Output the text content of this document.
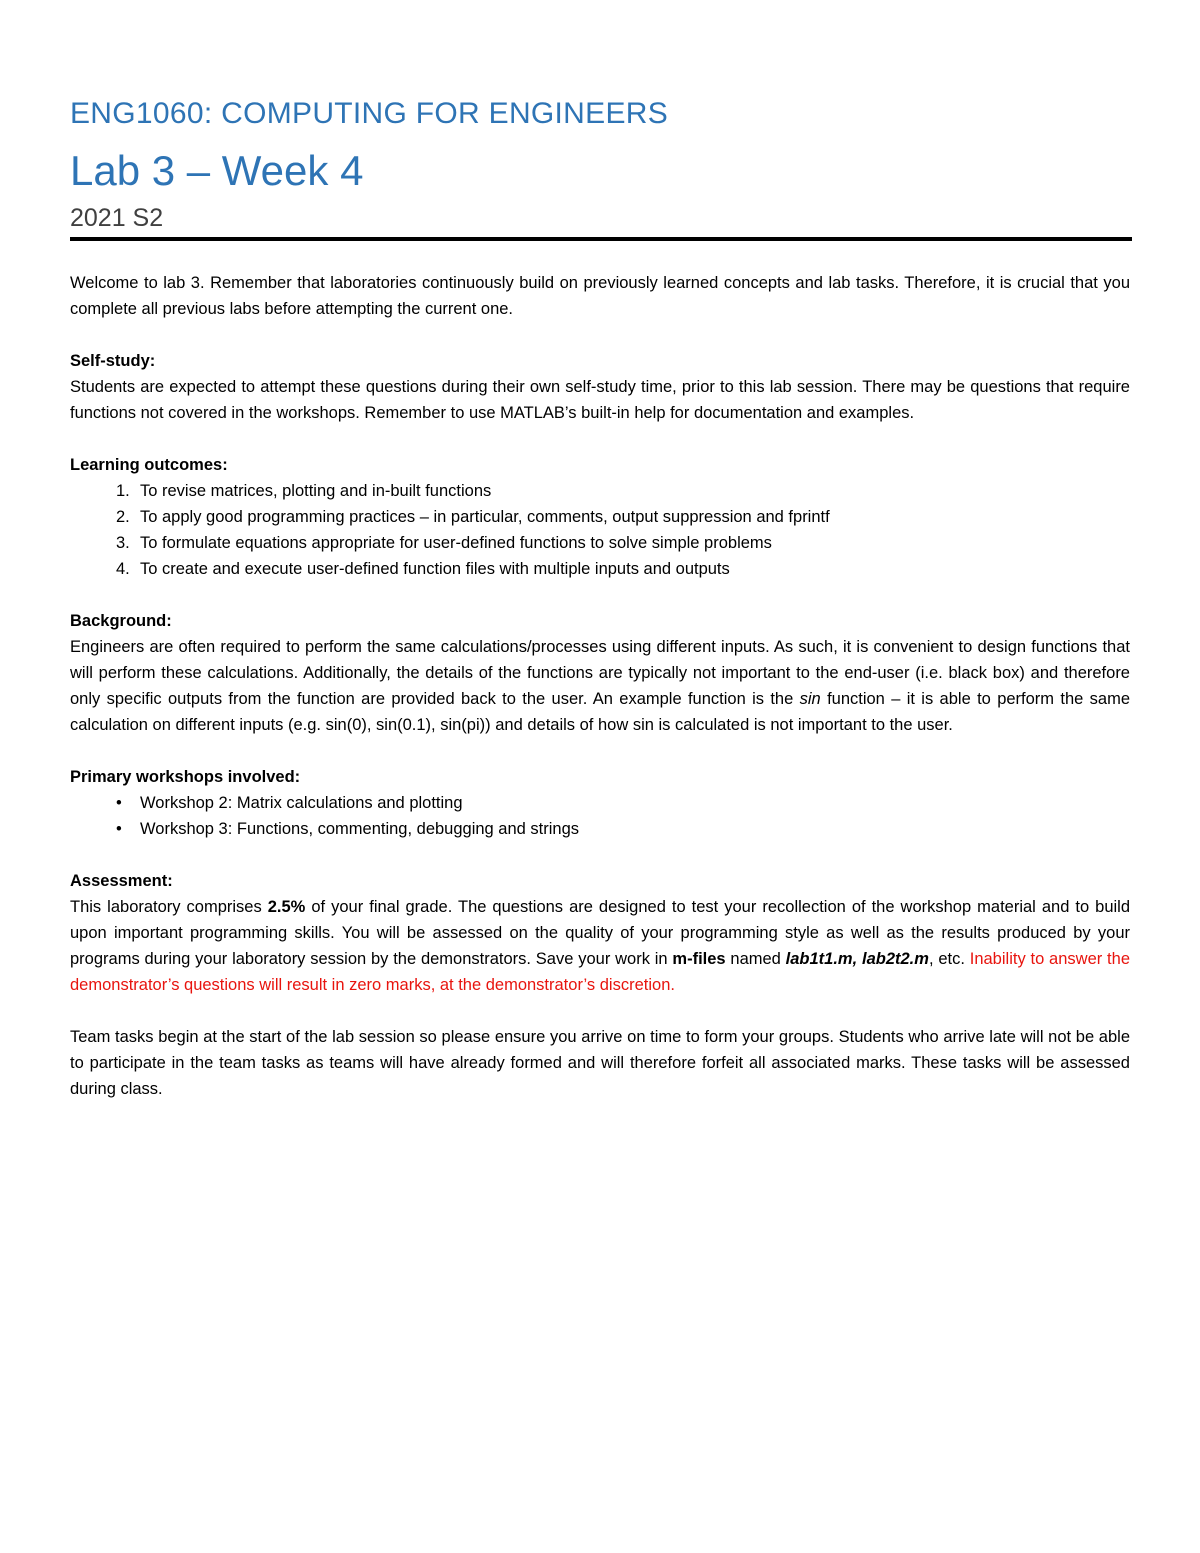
ENG1060: COMPUTING FOR ENGINEERS
Lab 3 – Week 4
2021 S2

Welcome to lab 3. Remember that laboratories continuously build on previously learned concepts and lab tasks. Therefore, it is crucial that you complete all previous labs before attempting the current one.

Self-study:

Students are expected to attempt these questions during their own self-study time, prior to this lab session. There may be questions that require functions not covered in the workshops. Remember to use MATLAB’s built-in help for documentation and examples.

Learning outcomes:
1. To revise matrices, plotting and in-built functions
2. To apply good programming practices – in particular, comments, output suppression and fprintf
3. To formulate equations appropriate for user-defined functions to solve simple problems
4. To create and execute user-defined function files with multiple inputs and outputs
Background:

Engineers are often required to perform the same calculations/processes using different inputs. As such, it is convenient to design functions that will perform these calculations. Additionally, the details of the functions are typically not important to the end-user (i.e. black box) and therefore only specific outputs from the function are provided back to the user. An example function is the sin function – it is able to perform the same calculation on different inputs (e.g. sin(0), sin(0.1), sin(pi)) and details of how sin is calculated is not important to the user.

Primary workshops involved:
• Workshop 2: Matrix calculations and plotting
• Workshop 3: Functions, commenting, debugging and strings
Assessment:

This laboratory comprises 2.5% of your final grade. The questions are designed to test your recollection of the workshop material and to build upon important programming skills. You will be assessed on the quality of your programming style as well as the results produced by your programs during your laboratory session by the demonstrators. Save your work in m-files named lab1t1.m, lab2t2.m, etc. Inability to answer the demonstrator’s questions will result in zero marks, at the demonstrator’s discretion.

Team tasks begin at the start of the lab session so please ensure you arrive on time to form your groups. Students who arrive late will not be able to participate in the team tasks as teams will have already formed and will therefore forfeit all associated marks. These tasks will be assessed during class.
